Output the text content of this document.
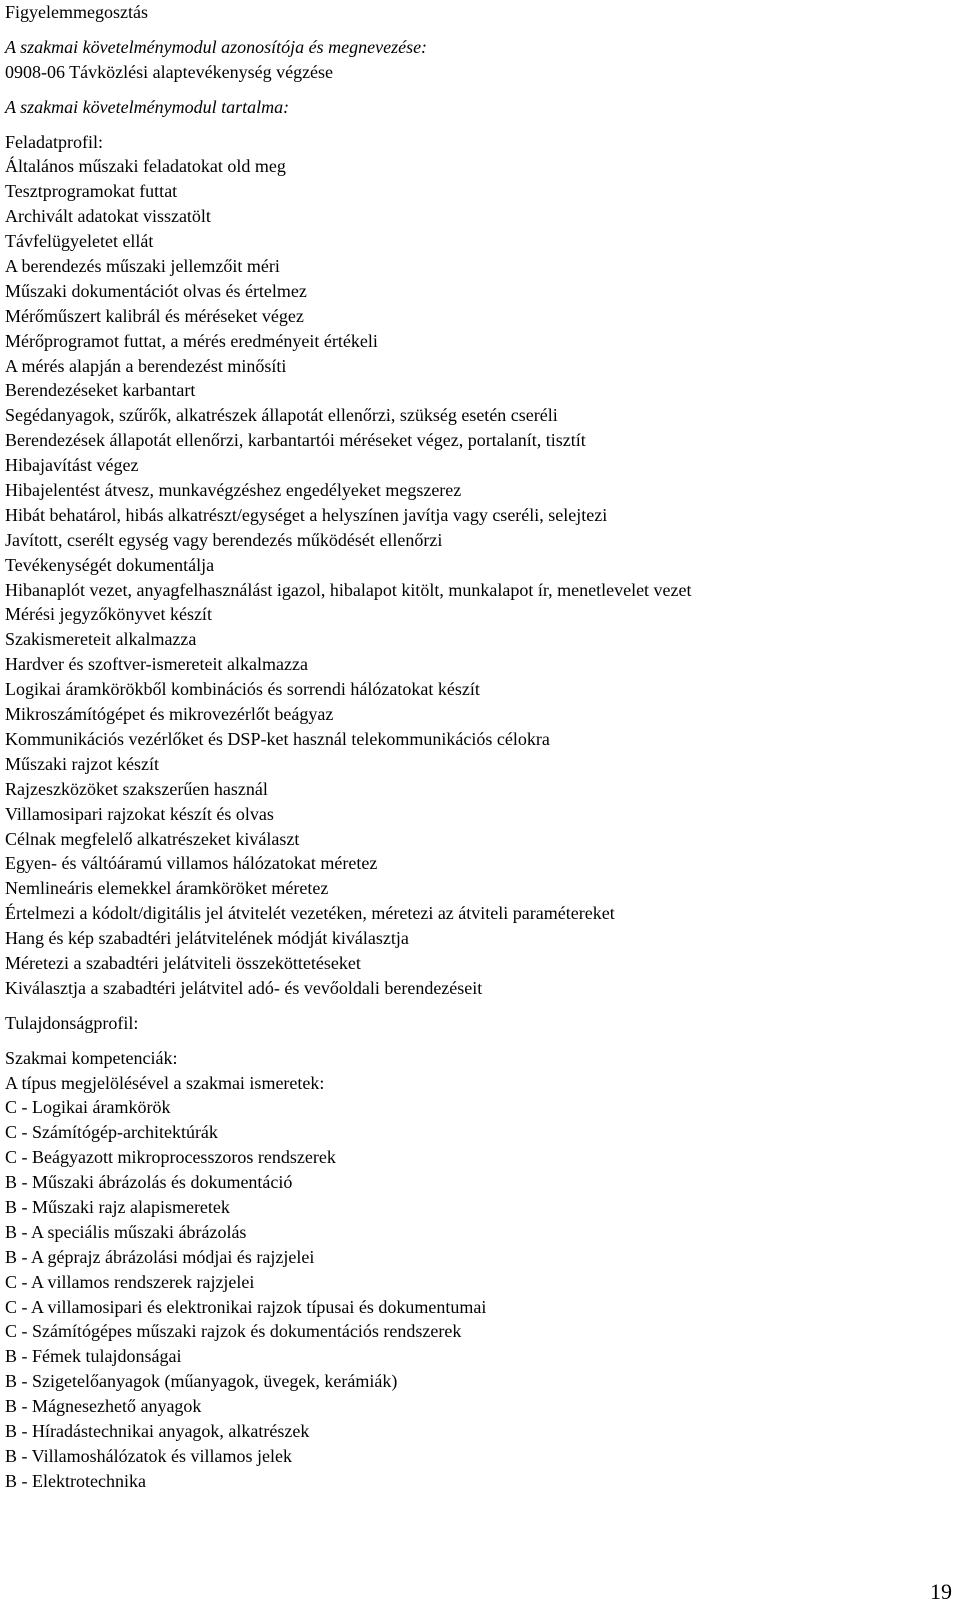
Figyelemmegosztás
A szakmai követelménymodul azonosítója és megnevezése:
0908-06 Távközlési alaptevékenység végzése
A szakmai követelménymodul tartalma:
Feladatprofil:
Általános műszaki feladatokat old meg
Tesztprogramokat futtat
Archivált adatokat visszatölt
Távfelügyeletet ellát
A berendezés műszaki jellemzőit méri
Műszaki dokumentációt olvas és értelmez
Mérőműszert kalibrál és méréseket végez
Mérőprogramot futtat, a mérés eredményeit értékeli
A mérés alapján a berendezést minősíti
Berendezéseket karbantart
Segédanyagok, szűrők, alkatrészek állapotát ellenőrzi, szükség esetén cseréli
Berendezések állapotát ellenőrzi, karbantartói méréseket végez, portalanít, tisztít
Hibajavítást végez
Hibajelentést átvesz, munkavégzéshez engedélyeket megszerez
Hibát behatárol, hibás alkatrészt/egységet a helyszínen javítja vagy cseréli, selejtezi
Javított, cserélt egység vagy berendezés működését ellenőrzi
Tevékenységét dokumentálja
Hibanaplót vezet, anyagfelhasználást igazol, hibalapot kitölt, munkalapot ír, menetlevelet vezet
Mérési jegyzőkönyvet készít
Szakismereteit alkalmazza
Hardver és szoftver-ismereteit alkalmazza
Logikai áramkörökből kombinációs és sorrendi hálózatokat készít
Mikroszámítógépet és mikrovezérlőt beágyaz
Kommunikációs vezérlőket és DSP-ket használ telekommunikációs célokra
Műszaki rajzot készít
Rajzeszközöket szakszerűen használ
Villamosipari rajzokat készít és olvas
Célnak megfelelő alkatrészeket kiválaszt
Egyen- és váltóáramú villamos hálózatokat méretez
Nemlineáris elemekkel áramköröket méretez
Értelmezi a kódolt/digitális jel átvitelét vezetéken, méretezi az átviteli paramétereket
Hang és kép szabadtéri jelátvitelének módját kiválasztja
Méretezi a szabadtéri jelátviteli összeköttetéseket
Kiválasztja a szabadtéri jelátvitel adó- és vevőoldali berendezéseit
Tulajdonságprofil:
Szakmai kompetenciák:
A típus megjelölésével a szakmai ismeretek:
C - Logikai áramkörök
C - Számítógép-architektúrák
C - Beágyazott mikroprocesszoros rendszerek
B - Műszaki ábrázolás és dokumentáció
B - Műszaki rajz alapismeretek
B - A speciális műszaki ábrázolás
B - A géprajz ábrázolási módjai és rajzjelei
C - A villamos rendszerek rajzjelei
C - A villamosipari és elektronikai rajzok típusai és dokumentumai
C - Számítógépes műszaki rajzok és dokumentációs rendszerek
B - Fémek tulajdonságai
B - Szigetelőanyagok (műanyagok, üvegek, kerámiák)
B - Mágnesezhető anyagok
B - Híradástechnikai anyagok, alkatrészek
B - Villamoshálózatok és villamos jelek
B - Elektrotechnika
19
